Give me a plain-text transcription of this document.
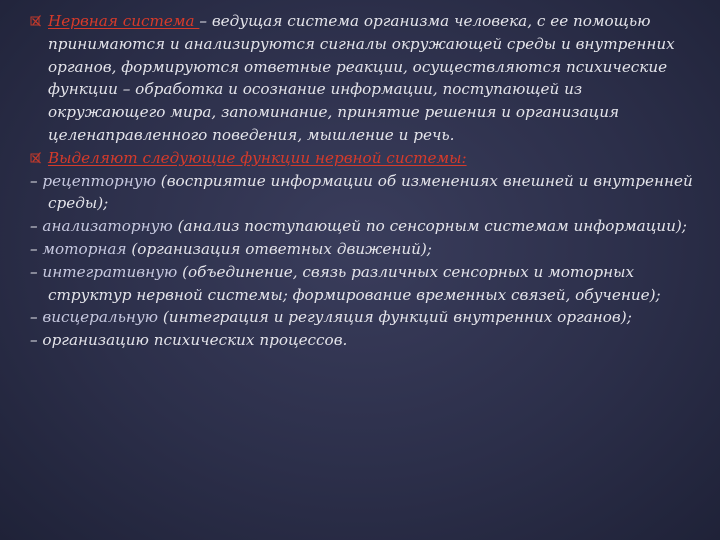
Нервная система – ведущая система организма человека, с ее помощью принимаются и анализируются сигналы окружающей среды и внутренних органов, формируются ответные реакции, осуществляются психические функции – обработка и осознание информации, поступающей из окружающего мира, запоминание, принятие решения и организация целенаправленного поведения, мышление и речь.

Выделяют следующие функции нервной системы:

– рецепторную (восприятие информации об изменениях внешней и внутренней среды);

– анализаторную (анализ поступающей по сенсорным системам информации);

– моторная (организация ответных движений);

– интегративную (объединение, связь различных сенсорных и моторных структур нервной системы; формирование временных связей, обучение);

– висцеральную (интеграция и регуляция функций внутренних органов);

– организацию психических процессов.
